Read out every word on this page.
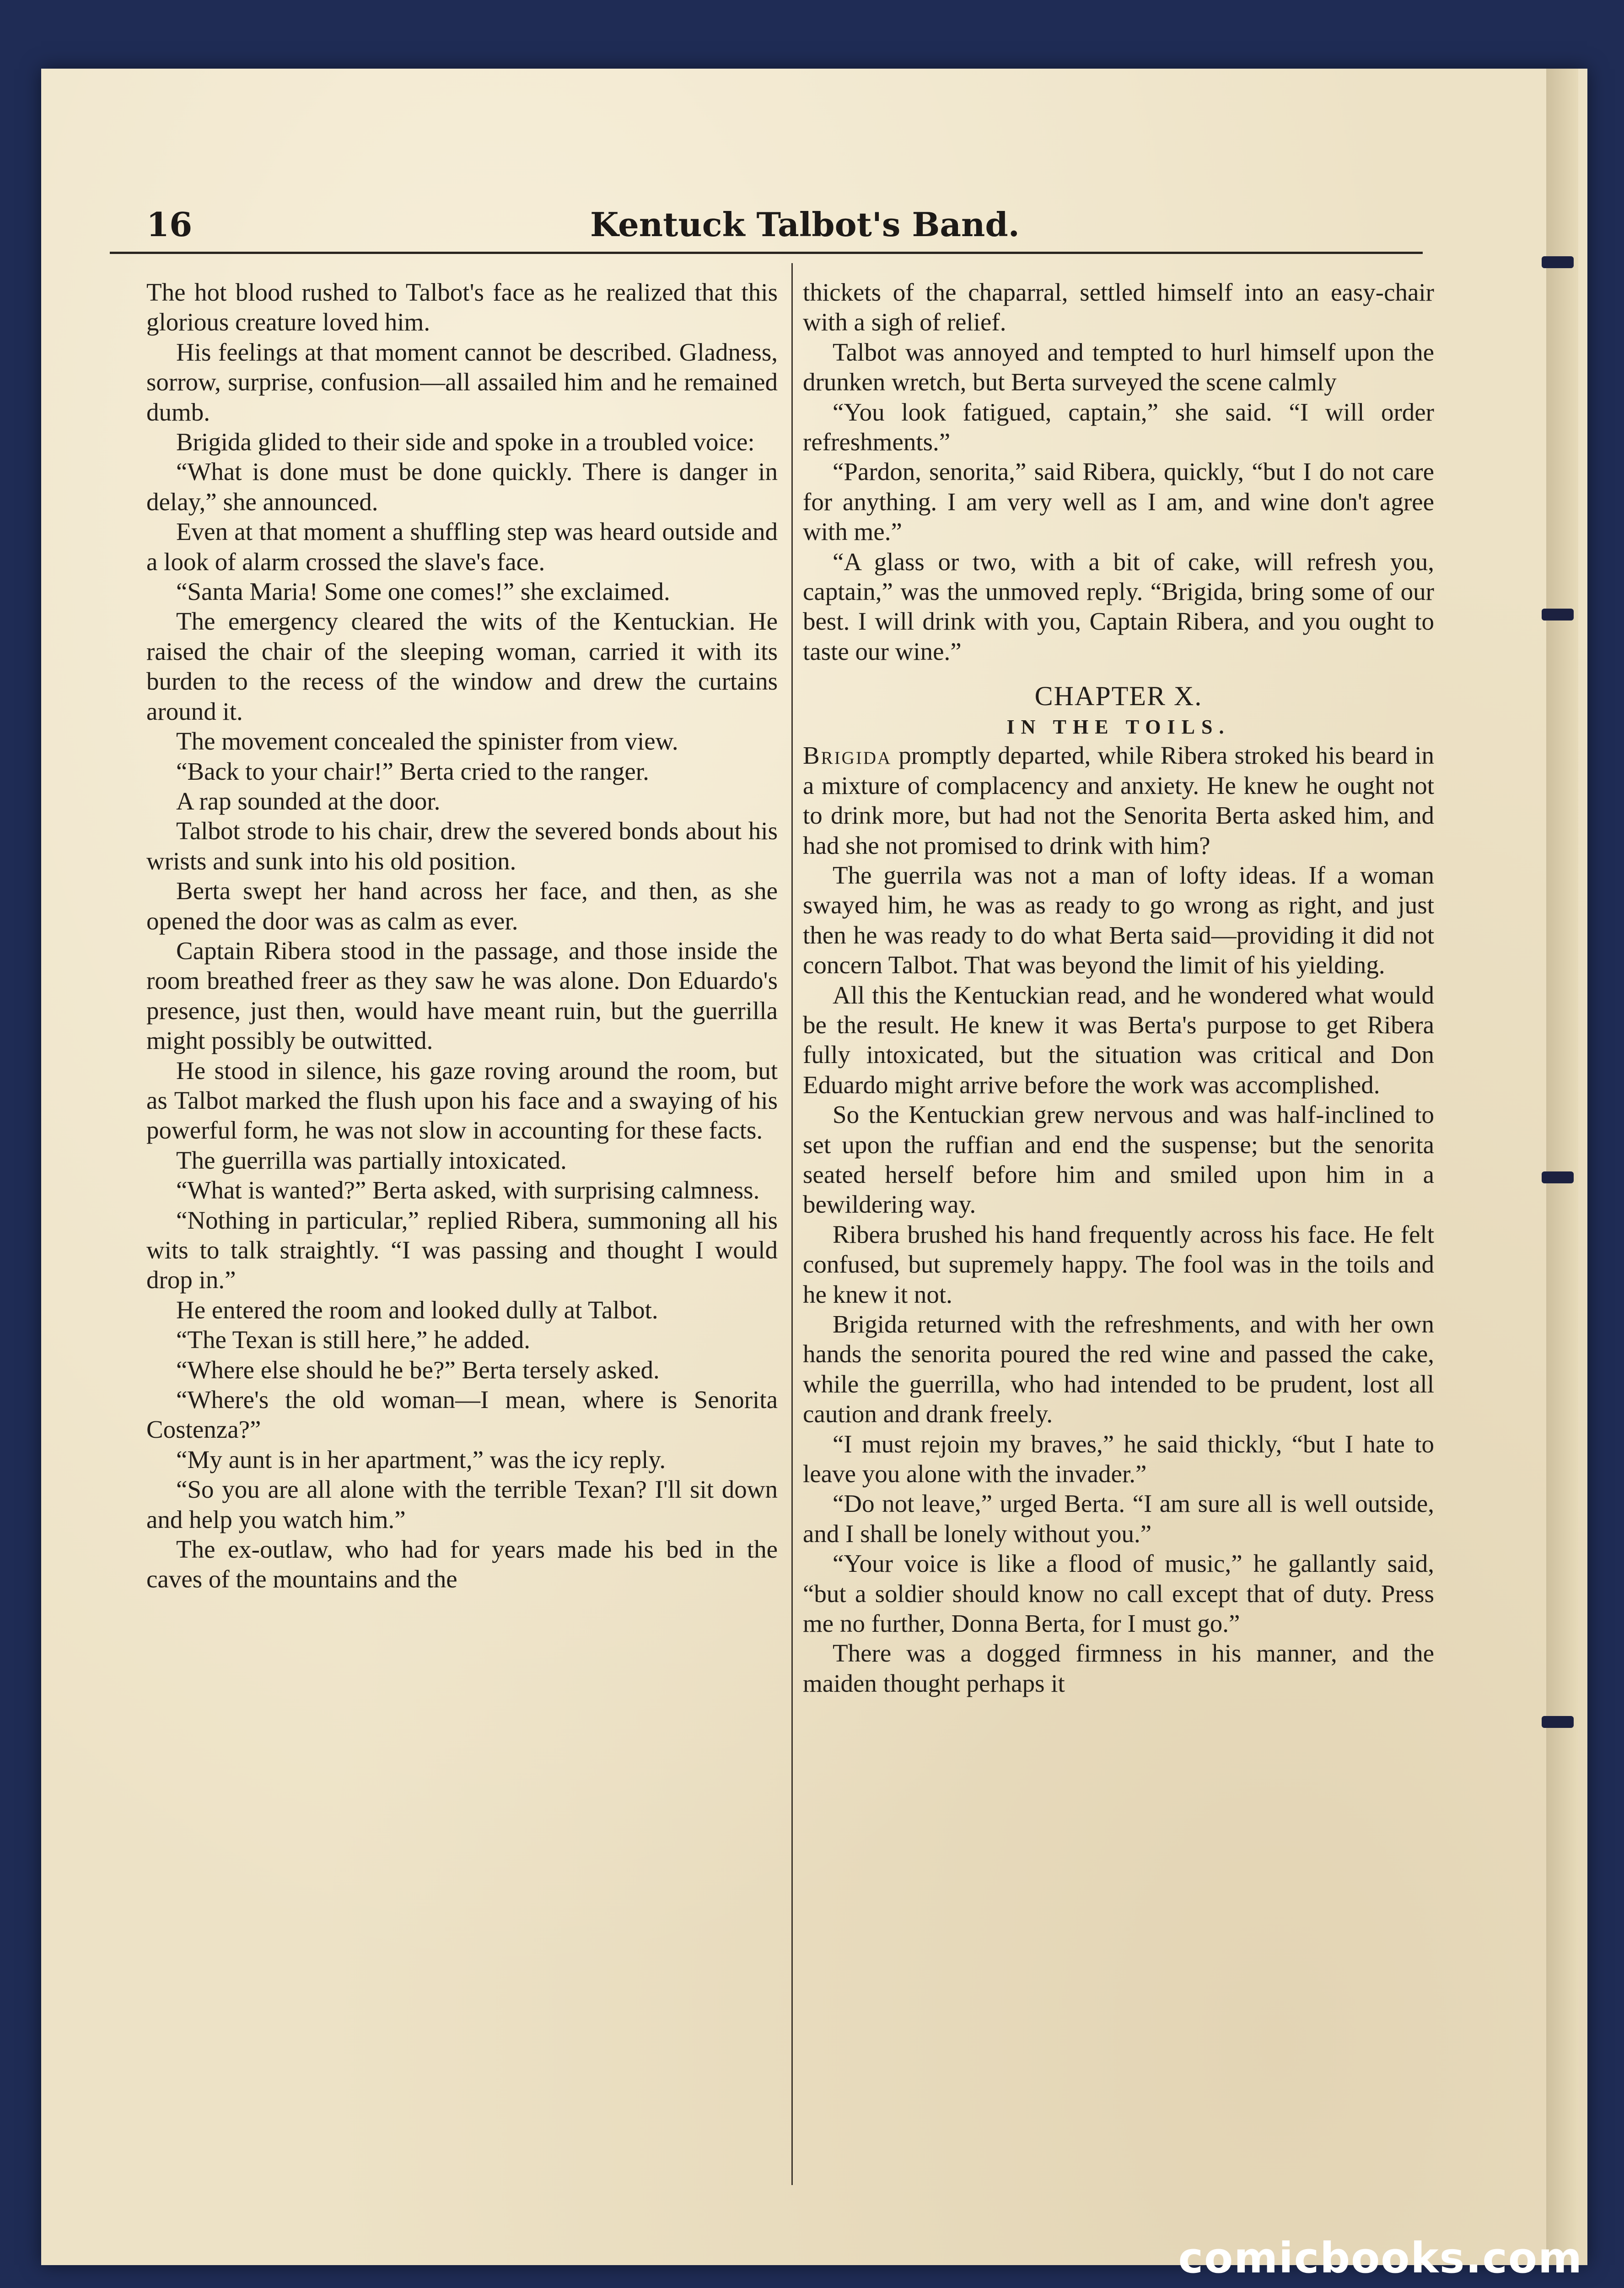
16	Kentuck Talbot's Band.

The hot blood rushed to Talbot's face as he realized that this glorious creature loved him.

His feelings at that moment cannot be described. Gladness, sorrow, surprise, confusion—all assailed him and he remained dumb.

Brigida glided to their side and spoke in a troubled voice:

“What is done must be done quickly. There is danger in delay,” she announced.

Even at that moment a shuffling step was heard outside and a look of alarm crossed the slave's face.

“Santa Maria! Some one comes!” she exclaimed.

The emergency cleared the wits of the Kentuckian. He raised the chair of the sleeping woman, carried it with its burden to the recess of the window and drew the curtains around it.

The movement concealed the spinister from view.

“Back to your chair!” Berta cried to the ranger.

A rap sounded at the door.

Talbot strode to his chair, drew the severed bonds about his wrists and sunk into his old position.

Berta swept her hand across her face, and then, as she opened the door was as calm as ever.

Captain Ribera stood in the passage, and those inside the room breathed freer as they saw he was alone. Don Eduardo's presence, just then, would have meant ruin, but the guerrilla might possibly be outwitted.

He stood in silence, his gaze roving around the room, but as Talbot marked the flush upon his face and a swaying of his powerful form, he was not slow in accounting for these facts.

The guerrilla was partially intoxicated.

“What is wanted?” Berta asked, with surprising calmness.

“Nothing in particular,” replied Ribera, summoning all his wits to talk straightly. “I was passing and thought I would drop in.”

He entered the room and looked dully at Talbot.

“The Texan is still here,” he added.

“Where else should he be?” Berta tersely asked.

“Where's the old woman—I mean, where is Senorita Costenza?”

“My aunt is in her apartment,” was the icy reply.

“So you are all alone with the terrible Texan? I'll sit down and help you watch him.”

The ex-outlaw, who had for years made his bed in the caves of the mountains and the

thickets of the chaparral, settled himself into an easy-chair with a sigh of relief.

Talbot was annoyed and tempted to hurl himself upon the drunken wretch, but Berta surveyed the scene calmly

“You look fatigued, captain,” she said. “I will order refreshments.”

“Pardon, senorita,” said Ribera, quickly, “but I do not care for anything. I am very well as I am, and wine don't agree with me.”

“A glass or two, with a bit of cake, will refresh you, captain,” was the unmoved reply. “Brigida, bring some of our best. I will drink with you, Captain Ribera, and you ought to taste our wine.”

CHAPTER X.
IN THE TOILS.

Brigida promptly departed, while Ribera stroked his beard in a mixture of complacency and anxiety. He knew he ought not to drink more, but had not the Senorita Berta asked him, and had she not promised to drink with him?

The guerrila was not a man of lofty ideas. If a woman swayed him, he was as ready to go wrong as right, and just then he was ready to do what Berta said—providing it did not concern Talbot. That was beyond the limit of his yielding.

All this the Kentuckian read, and he wondered what would be the result. He knew it was Berta's purpose to get Ribera fully intoxicated, but the situation was critical and Don Eduardo might arrive before the work was accomplished.

So the Kentuckian grew nervous and was half-inclined to set upon the ruffian and end the suspense; but the senorita seated herself before him and smiled upon him in a bewildering way.

Ribera brushed his hand frequently across his face. He felt confused, but supremely happy. The fool was in the toils and he knew it not.

Brigida returned with the refreshments, and with her own hands the senorita poured the red wine and passed the cake, while the guerrilla, who had intended to be prudent, lost all caution and drank freely.

“I must rejoin my braves,” he said thickly, “but I hate to leave you alone with the invader.”

“Do not leave,” urged Berta. “I am sure all is well outside, and I shall be lonely without you.”

“Your voice is like a flood of music,” he gallantly said, “but a soldier should know no call except that of duty. Press me no further, Donna Berta, for I must go.”

There was a dogged firmness in his manner, and the maiden thought perhaps it

comicbooks.com
